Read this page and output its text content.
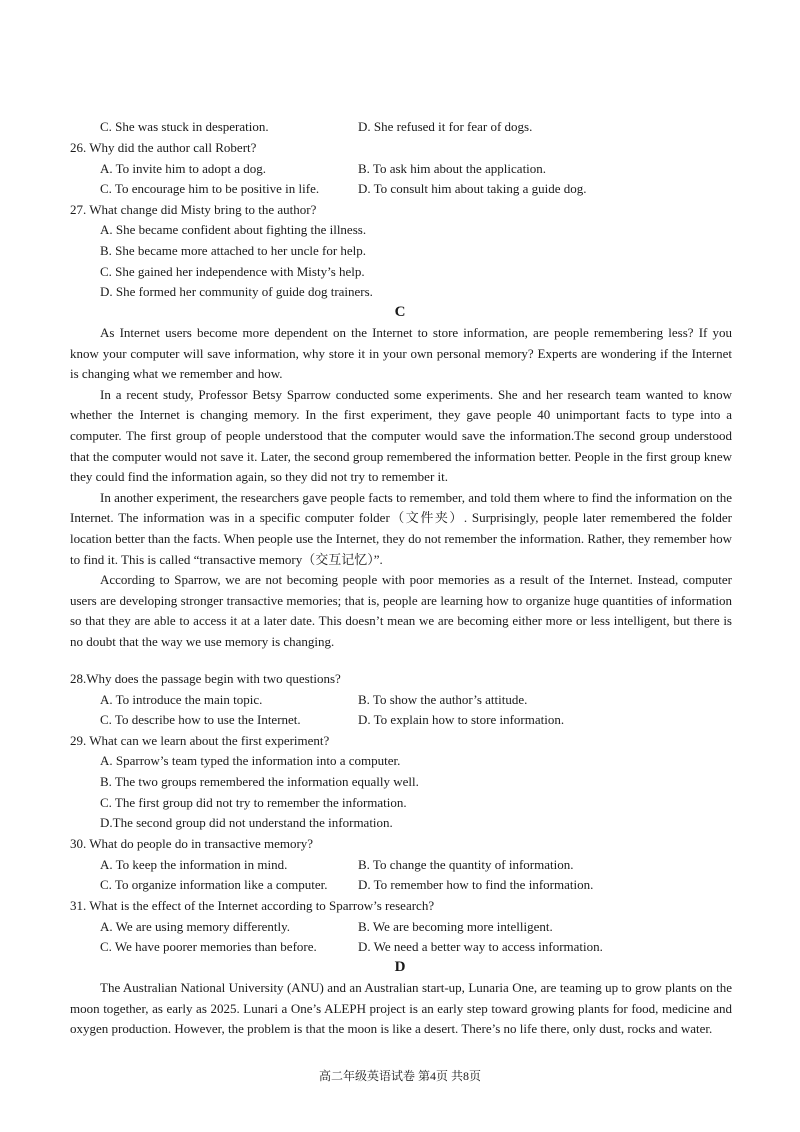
C. She was stuck in desperation.	D. She refused it for fear of dogs.
26. Why did the author call Robert?
A. To invite him to adopt a dog.	B. To ask him about the application.
C. To encourage him to be positive in life.	D. To consult him about taking a guide dog.
27. What change did Misty bring to the author?
A. She became confident about fighting the illness.
B. She became more attached to her uncle for help.
C. She gained her independence with Misty’s help.
D. She formed her community of guide dog trainers.
C

As Internet users become more dependent on the Internet to store information, are people remembering less? If you know your computer will save information, why store it in your own personal memory? Experts are wondering if the Internet is changing what we remember and how.

In a recent study, Professor Betsy Sparrow conducted some experiments. She and her research team wanted to know whether the Internet is changing memory. In the first experiment, they gave people 40 unimportant facts to type into a computer. The first group of people understood that the computer would save the information.The second group understood that the computer would not save it. Later, the second group remembered the information better. People in the first group knew they could find the information again, so they did not try to remember it.

In another experiment, the researchers gave people facts to remember, and told them where to find the information on the Internet. The information was in a specific computer folder（文件夹）. Surprisingly, people later remembered the folder location better than the facts. When people use the Internet, they do not remember the information. Rather, they remember how to find it. This is called “transactive memory（交互记忆）”.

According to Sparrow, we are not becoming people with poor memories as a result of the Internet. Instead, computer users are developing stronger transactive memories; that is, people are learning how to organize huge quantities of information so that they are able to access it at a later date. This doesn’t mean we are becoming either more or less intelligent, but there is no doubt that the way we use memory is changing.

28.Why does the passage begin with two questions?
A. To introduce the main topic.	B. To show the author’s attitude.
C. To describe how to use the Internet.	D. To explain how to store information.
29. What can we learn about the first experiment?
A. Sparrow’s team typed the information into a computer.
B. The two groups remembered the information equally well.
C. The first group did not try to remember the information.
D.The second group did not understand the information.
30. What do people do in transactive memory?
A. To keep the information in mind.	B. To change the quantity of information.
C. To organize information like a computer. D. To remember how to find the information.
31. What is the effect of the Internet according to Sparrow’s research?
A. We are using memory differently.	B. We are becoming more intelligent.
C. We have poorer memories than before.	D. We need a better way to access information.
D

The Australian National University (ANU) and an Australian start-up, Lunaria One, are teaming up to grow plants on the moon together, as early as 2025. Lunari a One’s ALEPH project is an early step toward growing plants for food, medicine and oxygen production. However, the problem is that the moon is like a desert. There’s no life there, only dust, rocks and water.

高二年级英语试卷 第4页 共8页
